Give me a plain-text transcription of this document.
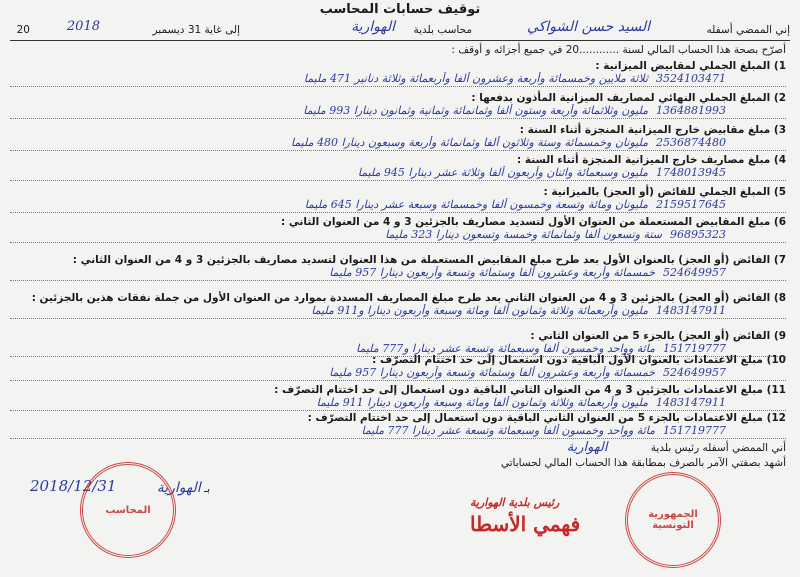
توقيف حسابات المحاسب
إني الممضي أسفله
السيد حسن الشواكي
محاسب بلدية
الهوارية
إلى غاية 31 ديسمبر
2018
20
أصرّح بصحة هذا الحساب المالي لسنة ............20 في جميع أجزائه و أوقف :
1) المبلغ الجملي لمقابيض الميزانية :
3524103471ثلاثة ملايين وخمسمائة وأربعة وعشرون ألفا وأربعمائة وثلاثة دنانير 471 مليما
2) المبلغ الجملي النهائي لمصاريف الميزانية المأذون بدفعها :
1364881993مليون وثلاثمائة وأربعة وستون ألفا وثمانمائة وثمانية وثمانون دينارا 993 مليما
3) مبلغ مقابيض خارج الميزانية المنجزة أثناء السنة :
2536874480مليونان وخمسمائة وستة وثلاثون ألفا وثمانمائة وأربعة وسبعون دينارا 480 مليما
4) مبلغ مصاريف خارج الميزانية المنجزة أثناء السنة :
1748013945مليون وسبعمائة واثنان وأربعون ألفا وثلاثة عشر دينارا 945 مليما
5) المبلغ الجملي للفائض (أو العجز) بالميزانية :
2159517645مليونان ومائة وتسعة وخمسون ألفا وخمسمائة وسبعة عشر دينارا 645 مليما
6) مبلغ المقابيض المستعملة من العنوان الأول لتسديد مصاريف بالجزئين 3 و 4 من العنوان الثاني :
96895323ستة وتسعون ألفا وثمانمائة وخمسة وتسعون دينارا 323 مليما
7) الفائض (أو العجز) بالعنوان الأول بعد طرح مبلغ المقابيض المستعملة من هذا العنوان لتسديد مصاريف بالجزئين 3 و 4 من العنوان الثاني :
524649957خمسمائة وأربعة وعشرون ألفا وستمائة وتسعة وأربعون دينارا 957 مليما
8) الفائض (أو العجز) بالجزئين 3 و 4 من العنوان الثاني بعد طرح مبلغ المصاريف المسددة بموارد من العنوان الأول من جملة نفقات هذين بالجزئين :
1483147911مليون وأربعمائة وثلاثة وثمانون ألفا ومائة وسبعة وأربعون دينارا و911 مليما
9) الفائض (أو العجز) بالجزء 5 من العنوان الثاني :
151719777مائة وواحد وخمسون ألفا وسبعمائة وتسعة عشر دينارا و777 مليما
10) مبلغ الاعتمادات بالعنوان الأول الباقية دون استعمال إلى حد اختتام التصرّف :
524649957خمسمائة وأربعة وعشرون ألفا وستمائة وتسعة وأربعون دينارا 957 مليما
11) مبلغ الاعتمادات بالجزئين 3 و 4 من العنوان الثاني الباقية دون استعمال إلى حد اختتام التصرّف :
1483147911مليون وأربعمائة وثلاثة وثمانون ألفا ومائة وسبعة وأربعون دينارا 911 مليما
12) مبلغ الاعتمادات بالجزء 5 من العنوان الثاني الباقية دون استعمال إلى حد اختتام التصرّف :
151719777مائة وواحد وخمسون ألفا وسبعمائة وتسعة عشر دينارا 777 مليما
أني الممضي أسفله رئيس بلدية الهوارية
أشهد بصفتي الآمر بالصرف بمطابقة هذا الحساب المالي لحساباتي
بـ الهوارية
2018/12/31
المحاسب
رئيس بلدية الهوارية
فهمي الأسطا	الجمهورية التونسية
